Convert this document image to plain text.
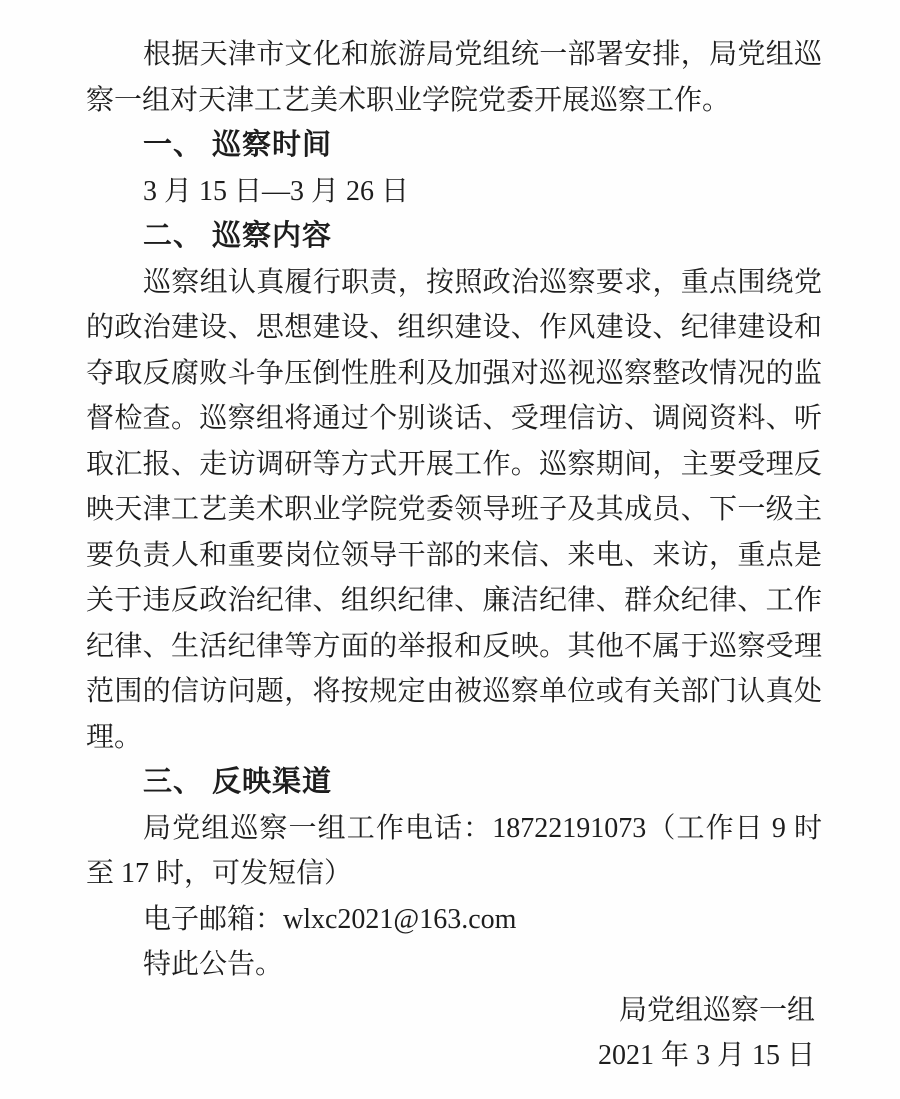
根据天津市文化和旅游局党组统一部署安排，局党组巡察一组对天津工艺美术职业学院党委开展巡察工作。

一、 巡察时间

3 月 15 日—3 月 26 日

二、 巡察内容

巡察组认真履行职责，按照政治巡察要求，重点围绕党的政治建设、思想建设、组织建设、作风建设、纪律建设和夺取反腐败斗争压倒性胜利及加强对巡视巡察整改情况的监督检查。巡察组将通过个别谈话、受理信访、调阅资料、听取汇报、走访调研等方式开展工作。巡察期间，主要受理反映天津工艺美术职业学院党委领导班子及其成员、下一级主要负责人和重要岗位领导干部的来信、来电、来访，重点是关于违反政治纪律、组织纪律、廉洁纪律、群众纪律、工作纪律、生活纪律等方面的举报和反映。其他不属于巡察受理范围的信访问题，将按规定由被巡察单位或有关部门认真处理。

三、 反映渠道

局党组巡察一组工作电话：18722191073（工作日 9 时至 17 时，可发短信）

电子邮箱：wlxc2021@163.com

特此公告。

局党组巡察一组

2021 年 3 月 15 日
